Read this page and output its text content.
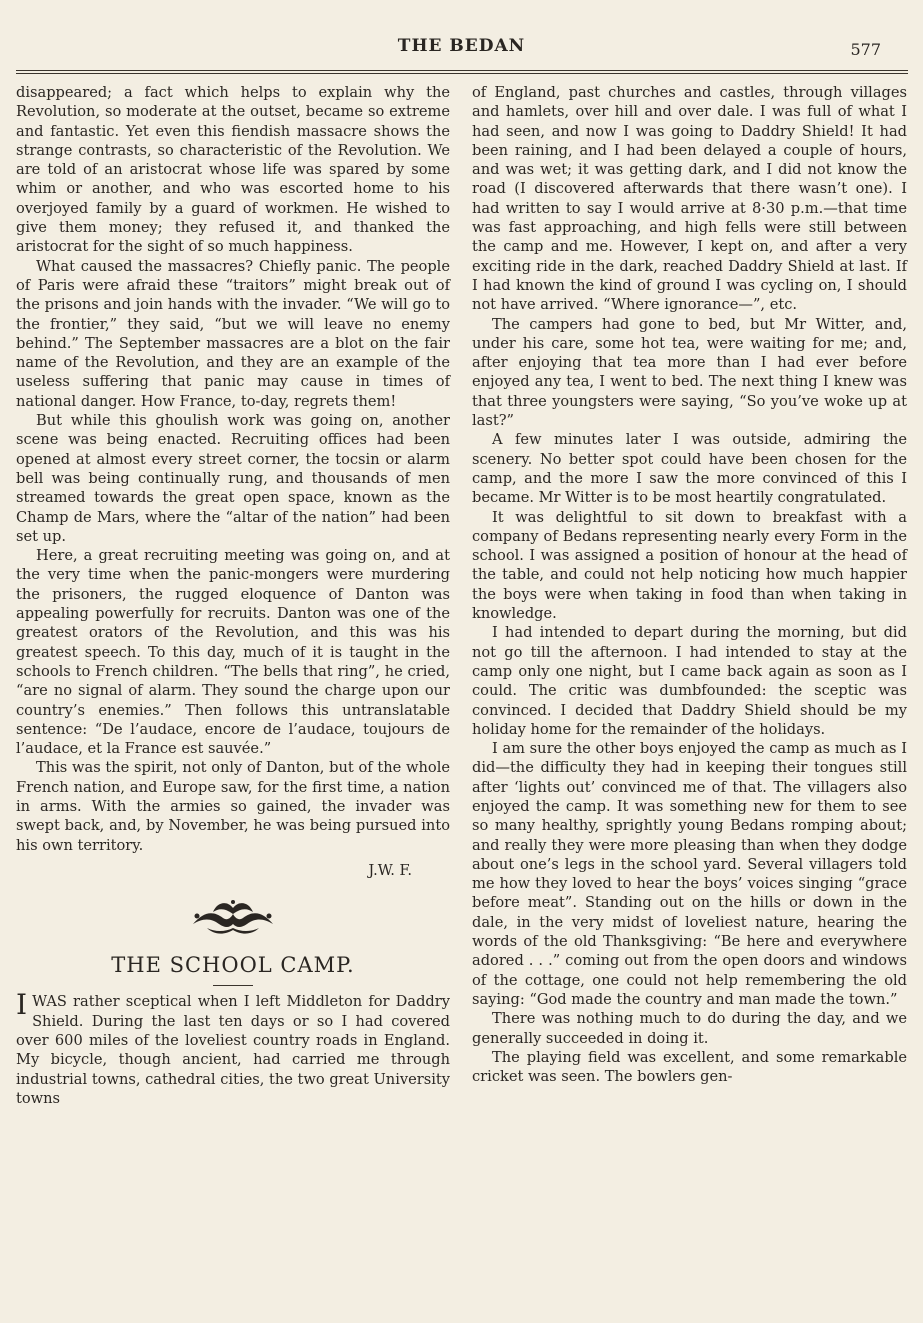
THE BEDAN	577

disappeared; a fact which helps to explain why the Revolution, so moderate at the outset, became so extreme and fantastic. Yet even this fiendish massacre shows the strange contrasts, so characteristic of the Revolution. We are told of an aristocrat whose life was spared by some whim or another, and who was escorted home to his overjoyed family by a guard of workmen. He wished to give them money; they refused it, and thanked the aristocrat for the sight of so much happiness.

What caused the massacres? Chiefly panic. The people of Paris were afraid these “traitors” might break out of the prisons and join hands with the invader. “We will go to the frontier,” they said, “but we will leave no enemy behind.” The September massacres are a blot on the fair name of the Revolution, and they are an example of the useless suffering that panic may cause in times of national danger. How France, to-day, regrets them!

But while this ghoulish work was going on, another scene was being enacted. Recruiting offices had been opened at almost every street corner, the tocsin or alarm bell was being continually rung, and thousands of men streamed towards the great open space, known as the Champ de Mars, where the “altar of the nation” had been set up.

Here, a great recruiting meeting was going on, and at the very time when the panic-mongers were murdering the prisoners, the rugged eloquence of Danton was appealing powerfully for recruits. Danton was one of the greatest orators of the Revolution, and this was his greatest speech. To this day, much of it is taught in the schools to French children. “The bells that ring”, he cried, “are no signal of alarm. They sound the charge upon our country’s enemies.” Then follows this untranslatable sentence: “De l’audace, encore de l’audace, toujours de l’audace, et la France est sauvée.”

This was the spirit, not only of Danton, but of the whole French nation, and Europe saw, for the first time, a nation in arms. With the armies so gained, the invader was swept back, and, by November, he was being pursued into his own territory.

J.W. F.
THE SCHOOL CAMP.

IWAS rather sceptical when I left Middleton for Daddry Shield. During the last ten days or so I had covered over 600 miles of the loveliest country roads in England. My bicycle, though ancient, had carried me through industrial towns, cathedral cities, the two great University towns

of England, past churches and castles, through villages and hamlets, over hill and over dale. I was full of what I had seen, and now I was going to Daddry Shield! It had been raining, and I had been delayed a couple of hours, and was wet; it was getting dark, and I did not know the road (I discovered afterwards that there wasn’t one). I had written to say I would arrive at 8·30 p.m.—that time was fast approaching, and high fells were still between the camp and me. However, I kept on, and after a very exciting ride in the dark, reached Daddry Shield at last. If I had known the kind of ground I was cycling on, I should not have arrived. “Where ignorance—”, etc.

The campers had gone to bed, but Mr Witter, and, under his care, some hot tea, were waiting for me; and, after enjoying that tea more than I had ever before enjoyed any tea, I went to bed. The next thing I knew was that three youngsters were saying, “So you’ve woke up at last?”

A few minutes later I was outside, admiring the scenery. No better spot could have been chosen for the camp, and the more I saw the more convinced of this I became. Mr Witter is to be most heartily congratulated.

It was delightful to sit down to breakfast with a company of Bedans representing nearly every Form in the school. I was assigned a position of honour at the head of the table, and could not help noticing how much happier the boys were when taking in food than when taking in knowledge.

I had intended to depart during the morning, but did not go till the afternoon. I had intended to stay at the camp only one night, but I came back again as soon as I could. The critic was dumbfounded: the sceptic was convinced. I decided that Daddry Shield should be my holiday home for the remainder of the holidays.

I am sure the other boys enjoyed the camp as much as I did—the difficulty they had in keeping their tongues still after ‘lights out’ convinced me of that. The villagers also enjoyed the camp. It was something new for them to see so many healthy, sprightly young Bedans romping about; and really they were more pleasing than when they dodge about one’s legs in the school yard. Several villagers told me how they loved to hear the boys’ voices singing “grace before meat”. Standing out on the hills or down in the dale, in the very midst of loveliest nature, hearing the words of the old Thanksgiving: “Be here and everywhere adored . . .” coming out from the open doors and windows of the cottage, one could not help remembering the old saying: “God made the country and man made the town.”

There was nothing much to do during the day, and we generally succeeded in doing it.

The playing field was excellent, and some remarkable cricket was seen. The bowlers gen-
